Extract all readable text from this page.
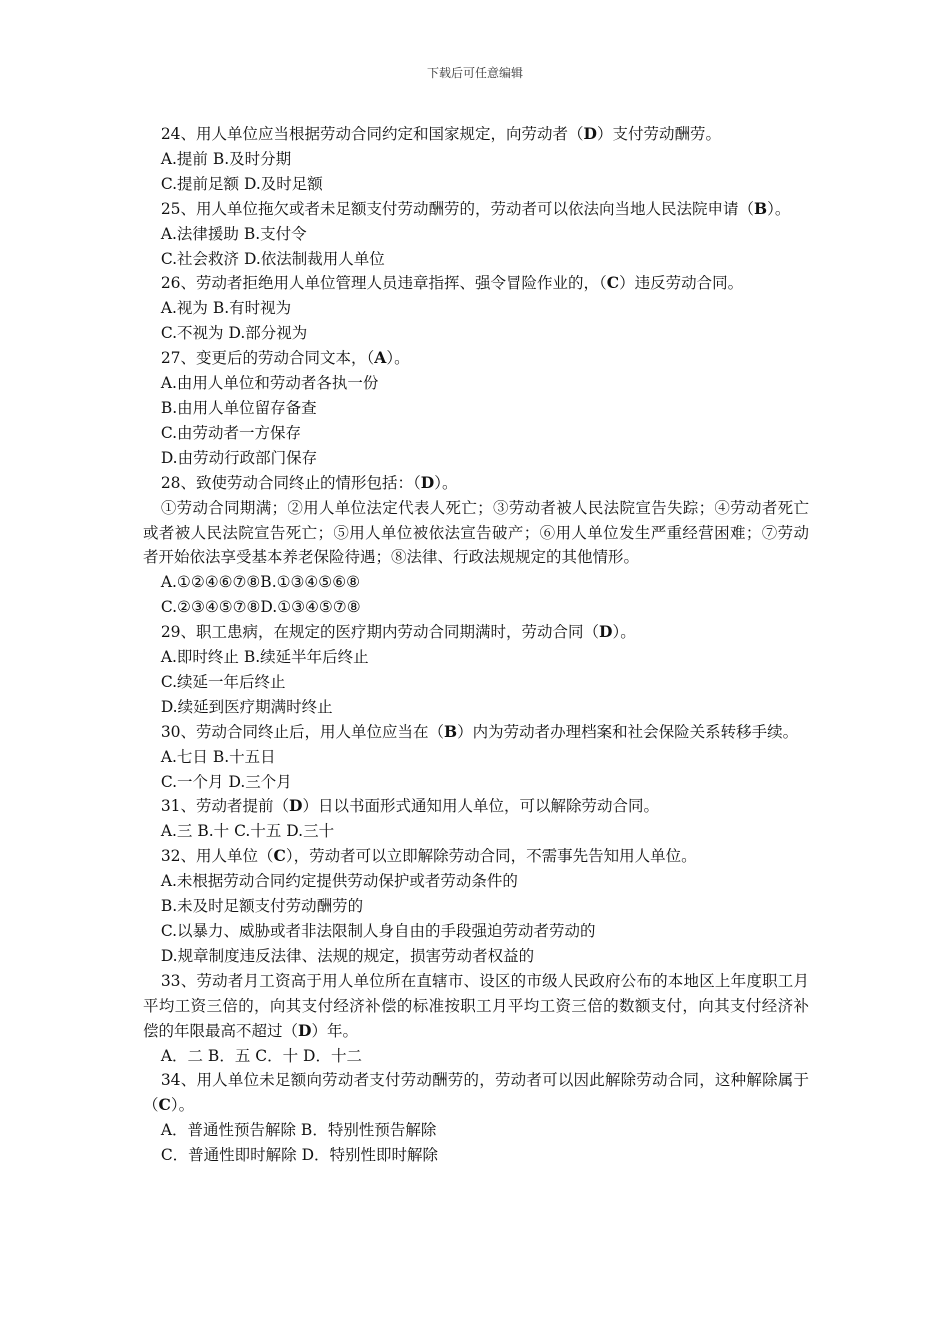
下载后可任意编辑

24、用人单位应当根据劳动合同约定和国家规定，向劳动者（D）支付劳动酬劳。

A.提前 B.及时分期

C.提前足额 D.及时足额

25、用人单位拖欠或者未足额支付劳动酬劳的，劳动者可以依法向当地人民法院申请（B）。

A.法律援助 B.支付令

C.社会救济 D.依法制裁用人单位

26、劳动者拒绝用人单位管理人员违章指挥、强令冒险作业的，（C）违反劳动合同。

A.视为 B.有时视为

C.不视为 D.部分视为

27、变更后的劳动合同文本，（A）。

A.由用人单位和劳动者各执一份

B.由用人单位留存备查

C.由劳动者一方保存

D.由劳动行政部门保存

28、致使劳动合同终止的情形包括：（D）。

①劳动合同期满；②用人单位法定代表人死亡；③劳动者被人民法院宣告失踪；④劳动者死亡或者被人民法院宣告死亡；⑤用人单位被依法宣告破产；⑥用人单位发生严重经营困难；⑦劳动者开始依法享受基本养老保险待遇；⑧法律、行政法规规定的其他情形。

A.①②④⑥⑦⑧B.①③④⑤⑥⑧

C.②③④⑤⑦⑧D.①③④⑤⑦⑧

29、职工患病，在规定的医疗期内劳动合同期满时，劳动合同（D）。

A.即时终止 B.续延半年后终止

C.续延一年后终止

D.续延到医疗期满时终止

30、劳动合同终止后，用人单位应当在（B）内为劳动者办理档案和社会保险关系转移手续。

A.七日 B.十五日

C.一个月 D.三个月

31、劳动者提前（D）日以书面形式通知用人单位，可以解除劳动合同。

A.三 B.十 C.十五 D.三十

32、用人单位（C），劳动者可以立即解除劳动合同，不需事先告知用人单位。

A.未根据劳动合同约定提供劳动保护或者劳动条件的

B.未及时足额支付劳动酬劳的

C.以暴力、威胁或者非法限制人身自由的手段强迫劳动者劳动的

D.规章制度违反法律、法规的规定，损害劳动者权益的

33、劳动者月工资高于用人单位所在直辖市、设区的市级人民政府公布的本地区上年度职工月平均工资三倍的，向其支付经济补偿的标准按职工月平均工资三倍的数额支付，向其支付经济补偿的年限最高不超过（D）年。

A．二 B．五 C．十 D．十二

34、用人单位未足额向劳动者支付劳动酬劳的，劳动者可以因此解除劳动合同，这种解除属于（C）。

A．普通性预告解除 B．特别性预告解除

C．普通性即时解除 D．特别性即时解除
